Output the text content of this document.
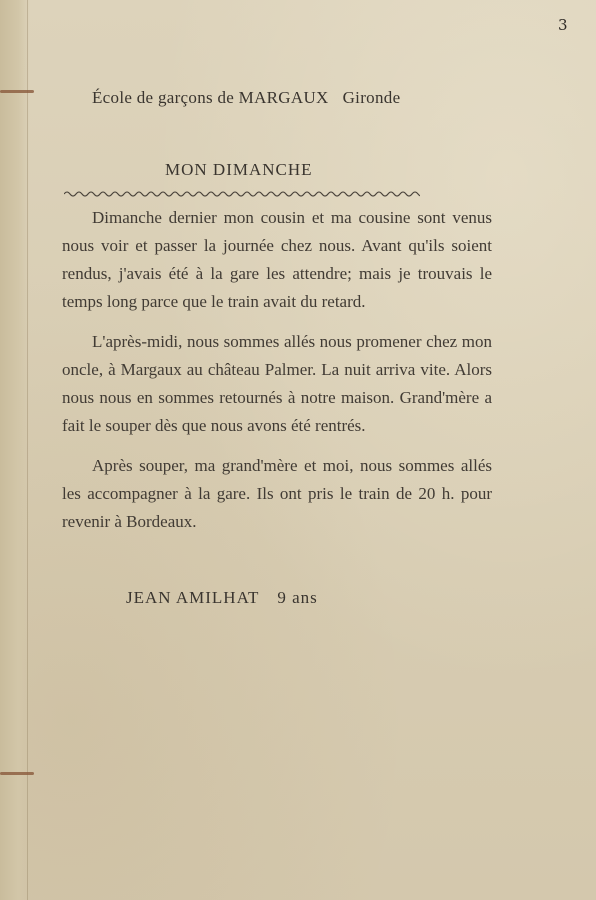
3
École de garçons de MARGAUX Gironde
MON DIMANCHE

Dimanche dernier mon cousin et ma cousine sont venus nous voir et passer la journée chez nous. Avant qu'ils soient rendus, j'avais été à la gare les attendre; mais je trouvais le temps long parce que le train avait du retard.

L'après-midi, nous sommes allés nous promener chez mon oncle, à Margaux au château Palmer. La nuit arriva vite. Alors nous nous en sommes retournés à notre maison. Grand'mère a fait le souper dès que nous avons été rentrés.

Après souper, ma grand'mère et moi, nous sommes allés les accompagner à la gare. Ils ont pris le train de 20 h. pour revenir à Bordeaux.

JEAN AMILHAT 9 ans
